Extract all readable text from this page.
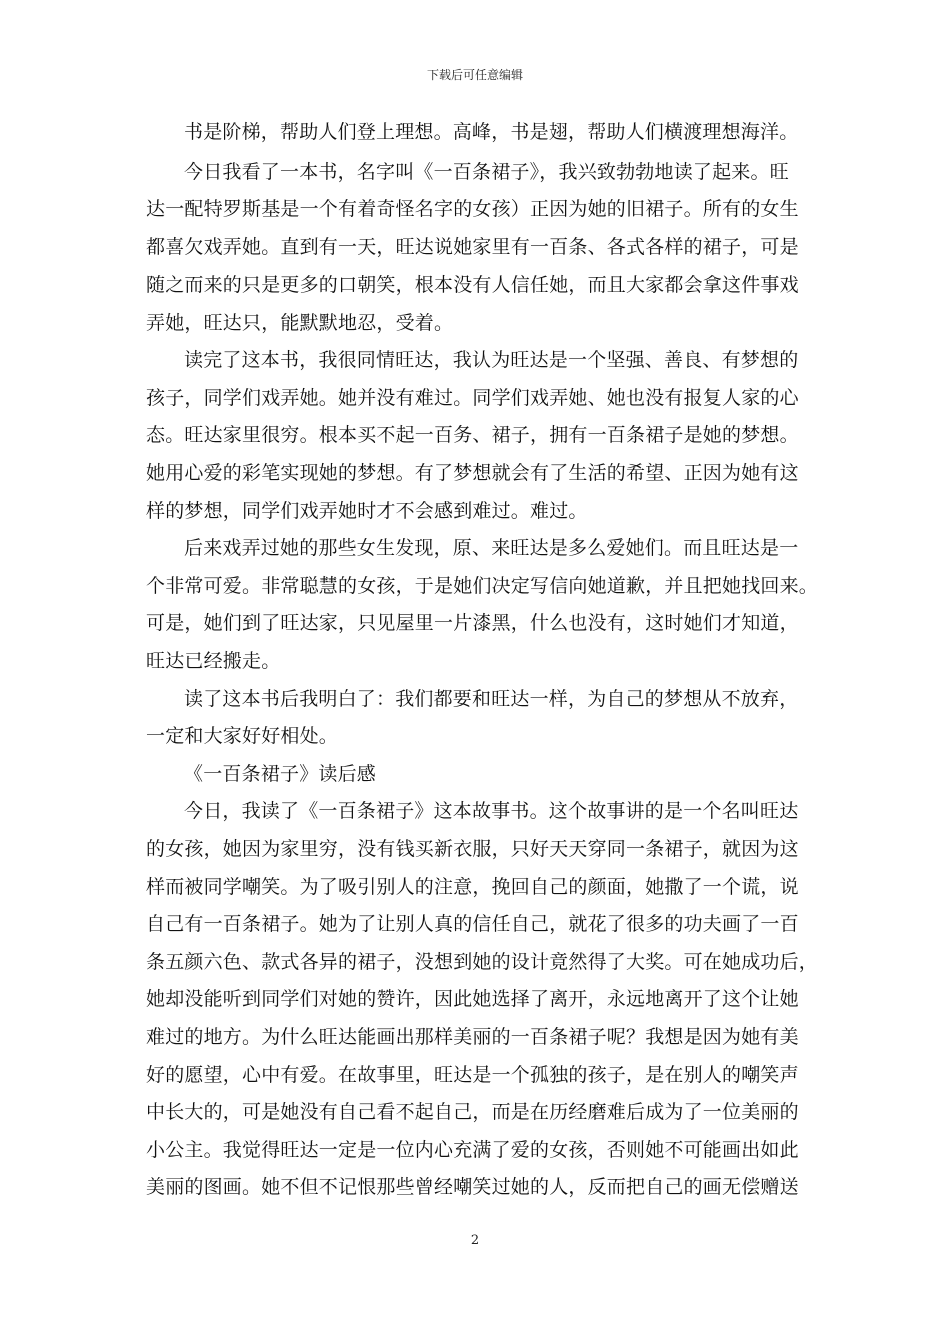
下载后可任意编辑
书是阶梯，帮助人们登上理想。高峰，书是翅，帮助人们横渡理想海洋。
今日我看了一本书，名字叫《一百条裙子》，我兴致勃勃地读了起来。旺
达一配特罗斯基是一个有着奇怪名字的女孩）正因为她的旧裙子。所有的女生
都喜欠戏弄她。直到有一天，旺达说她家里有一百条、各式各样的裙子，可是
随之而来的只是更多的口朝笑，根本没有人信任她，而且大家都会拿这件事戏
弄她，旺达只，能默默地忍，受着。
读完了这本书，我很同情旺达，我认为旺达是一个坚强、善良、有梦想的
孩子，同学们戏弄她。她并没有难过。同学们戏弄她、她也没有报复人家的心
态。旺达家里很穷。根本买不起一百务、裙子，拥有一百条裙子是她的梦想。
她用心爱的彩笔实现她的梦想。有了梦想就会有了生活的希望、正因为她有这
样的梦想，同学们戏弄她时才不会感到难过。难过。
后来戏弄过她的那些女生发现，原、来旺达是多么爱她们。而且旺达是一
个非常可爱。非常聪慧的女孩，于是她们决定写信向她道歉，并且把她找回来。
可是，她们到了旺达家，只见屋里一片漆黑，什么也没有，这时她们才知道，
旺达已经搬走。
读了这本书后我明白了：我们都要和旺达一样，为自己的梦想从不放弃，
一定和大家好好相处。
《一百条裙子》读后感
今日，我读了《一百条裙子》这本故事书。这个故事讲的是一个名叫旺达
的女孩，她因为家里穷，没有钱买新衣服，只好天天穿同一条裙子，就因为这
样而被同学嘲笑。为了吸引别人的注意，挽回自己的颜面，她撒了一个谎，说
自己有一百条裙子。她为了让别人真的信任自己，就花了很多的功夫画了一百
条五颜六色、款式各异的裙子，没想到她的设计竟然得了大奖。可在她成功后，
她却没能听到同学们对她的赞许，因此她选择了离开，永远地离开了这个让她
难过的地方。为什么旺达能画出那样美丽的一百条裙子呢？我想是因为她有美
好的愿望，心中有爱。在故事里，旺达是一个孤独的孩子，是在别人的嘲笑声
中长大的，可是她没有自己看不起自己，而是在历经磨难后成为了一位美丽的
小公主。我觉得旺达一定是一位内心充满了爱的女孩，否则她不可能画出如此
美丽的图画。她不但不记恨那些曾经嘲笑过她的人，反而把自己的画无偿赠送
2
